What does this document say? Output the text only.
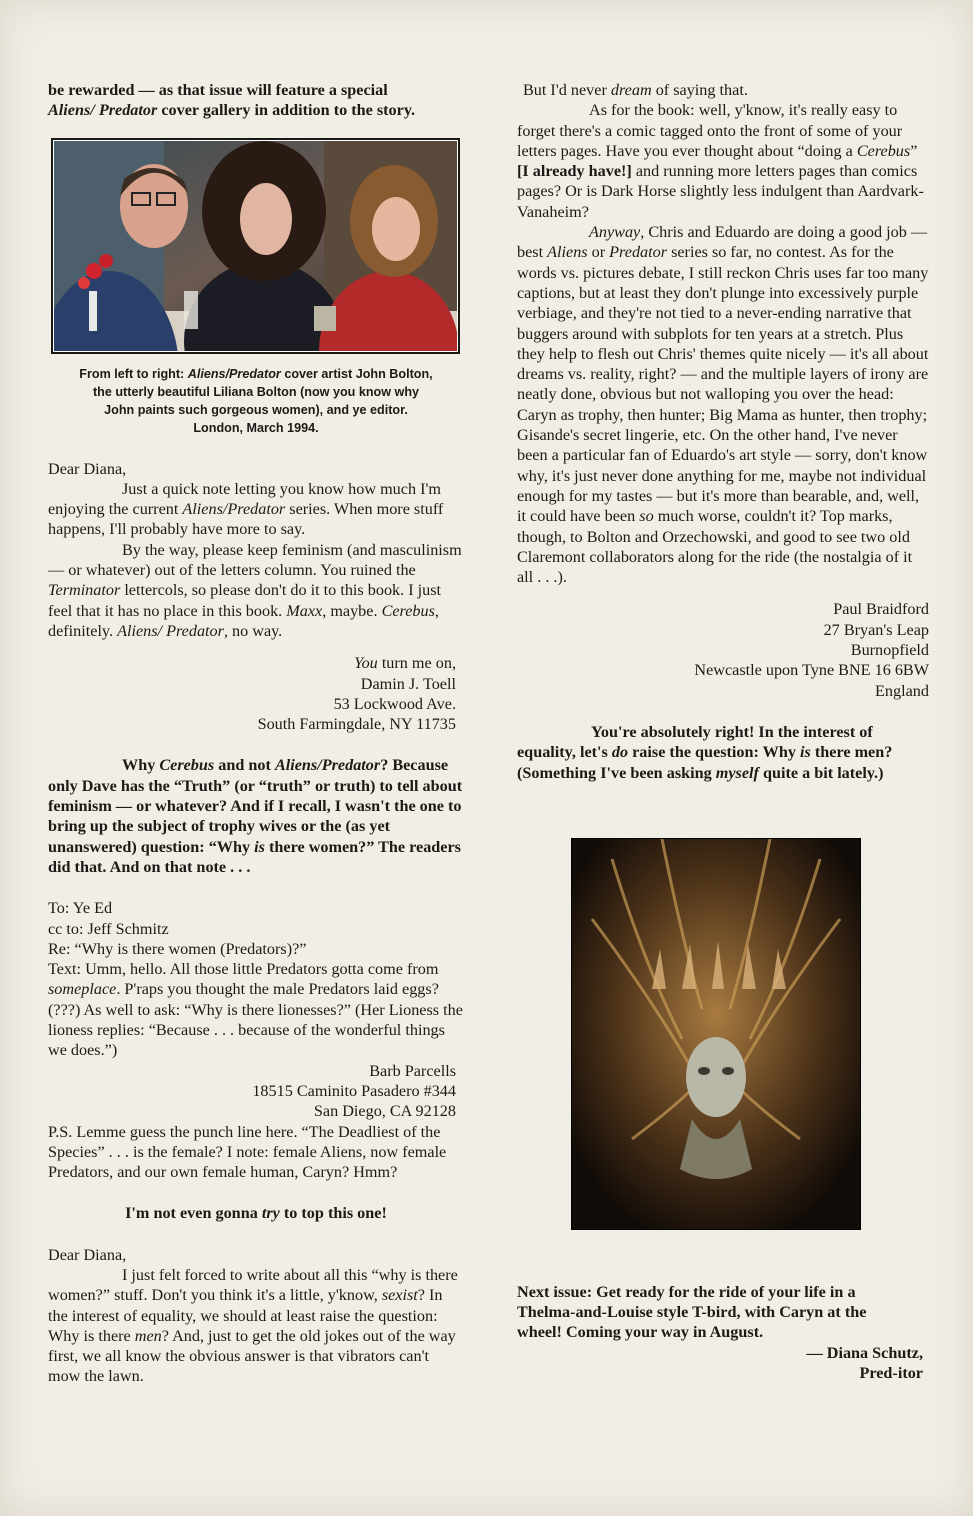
be rewarded — as that issue will feature a special
Aliens/ Predator cover gallery in addition to the story.

From left to right: Aliens/Predator cover artist John Bolton,
the utterly beautiful Liliana Bolton (now you know why
John paints such gorgeous women), and ye editor.
London, March 1994.

Dear Diana,

Just a quick note letting you know how much I'm enjoying the current Aliens/Predator series. When more stuff happens, I'll probably have more to say.

By the way, please keep feminism (and masculinism — or whatever) out of the letters column. You ruined the Terminator lettercols, so please don't do it to this book. I just feel that it has no place in this book. Maxx, maybe. Cerebus, definitely. Aliens/ Predator, no way.

You turn me on,

Damin J. Toell

53 Lockwood Ave.

South Farmingdale, NY 11735

Why Cerebus and not Aliens/Predator? Because only Dave has the “Truth” (or “truth” or truth) to tell about feminism — or whatever? And if I recall, I wasn't the one to bring up the subject of trophy wives or the (as yet unanswered) question: “Why is there women?” The readers did that. And on that note . . .

To: Ye Ed

cc to: Jeff Schmitz

Re: “Why is there women (Predators)?”

Text: Umm, hello. All those little Predators gotta come from someplace. P'raps you thought the male Predators laid eggs? (???) As well to ask: “Why is there lionesses?” (Her Lioness the lioness replies: “Because . . . because of the wonderful things we does.”)

Barb Parcells

18515 Caminito Pasadero #344

San Diego, CA 92128

P.S. Lemme guess the punch line here. “The Deadliest of the Species” . . . is the female? I note: female Aliens, now female Predators, and our own female human, Caryn? Hmm?

I'm not even gonna try to top this one!

Dear Diana,

I just felt forced to write about all this “why is there women?” stuff. Don't you think it's a little, y'know, sexist? In the interest of equality, we should at least raise the question: Why is there men? And, just to get the old jokes out of the way first, we all know the obvious answer is that vibrators can't mow the lawn.

But I'd never dream of saying that.

As for the book: well, y'know, it's really easy to forget there's a comic tagged onto the front of some of your letters pages. Have you ever thought about “doing a Cerebus” [I already have!] and running more letters pages than comics pages? Or is Dark Horse slightly less indulgent than Aardvark-Vanaheim?

Anyway, Chris and Eduardo are doing a good job — best Aliens or Predator series so far, no contest. As for the words vs. pictures debate, I still reckon Chris uses far too many captions, but at least they don't plunge into excessively purple verbiage, and they're not tied to a never-ending narrative that buggers around with subplots for ten years at a stretch. Plus they help to flesh out Chris' themes quite nicely — it's all about dreams vs. reality, right? — and the multiple layers of irony are neatly done, obvious but not walloping you over the head: Caryn as trophy, then hunter; Big Mama as hunter, then trophy; Gisande's secret lingerie, etc. On the other hand, I've never been a particular fan of Eduardo's art style — sorry, don't know why, it's just never done anything for me, maybe not individual enough for my tastes — but it's more than bearable, and, well, it could have been so much worse, couldn't it? Top marks, though, to Bolton and Orzechowski, and good to see two old Claremont collaborators along for the ride (the nostalgia of it all . . .).

Paul Braidford

27 Bryan's Leap

Burnopfield

Newcastle upon Tyne BNE 16 6BW

England

You're absolutely right! In the interest of equality, let's do raise the question: Why is there men? (Something I've been asking myself quite a bit lately.)

Next issue: Get ready for the ride of your life in a Thelma-and-Louise style T-bird, with Caryn at the wheel! Coming your way in August.

— Diana Schutz,

Pred-itor
